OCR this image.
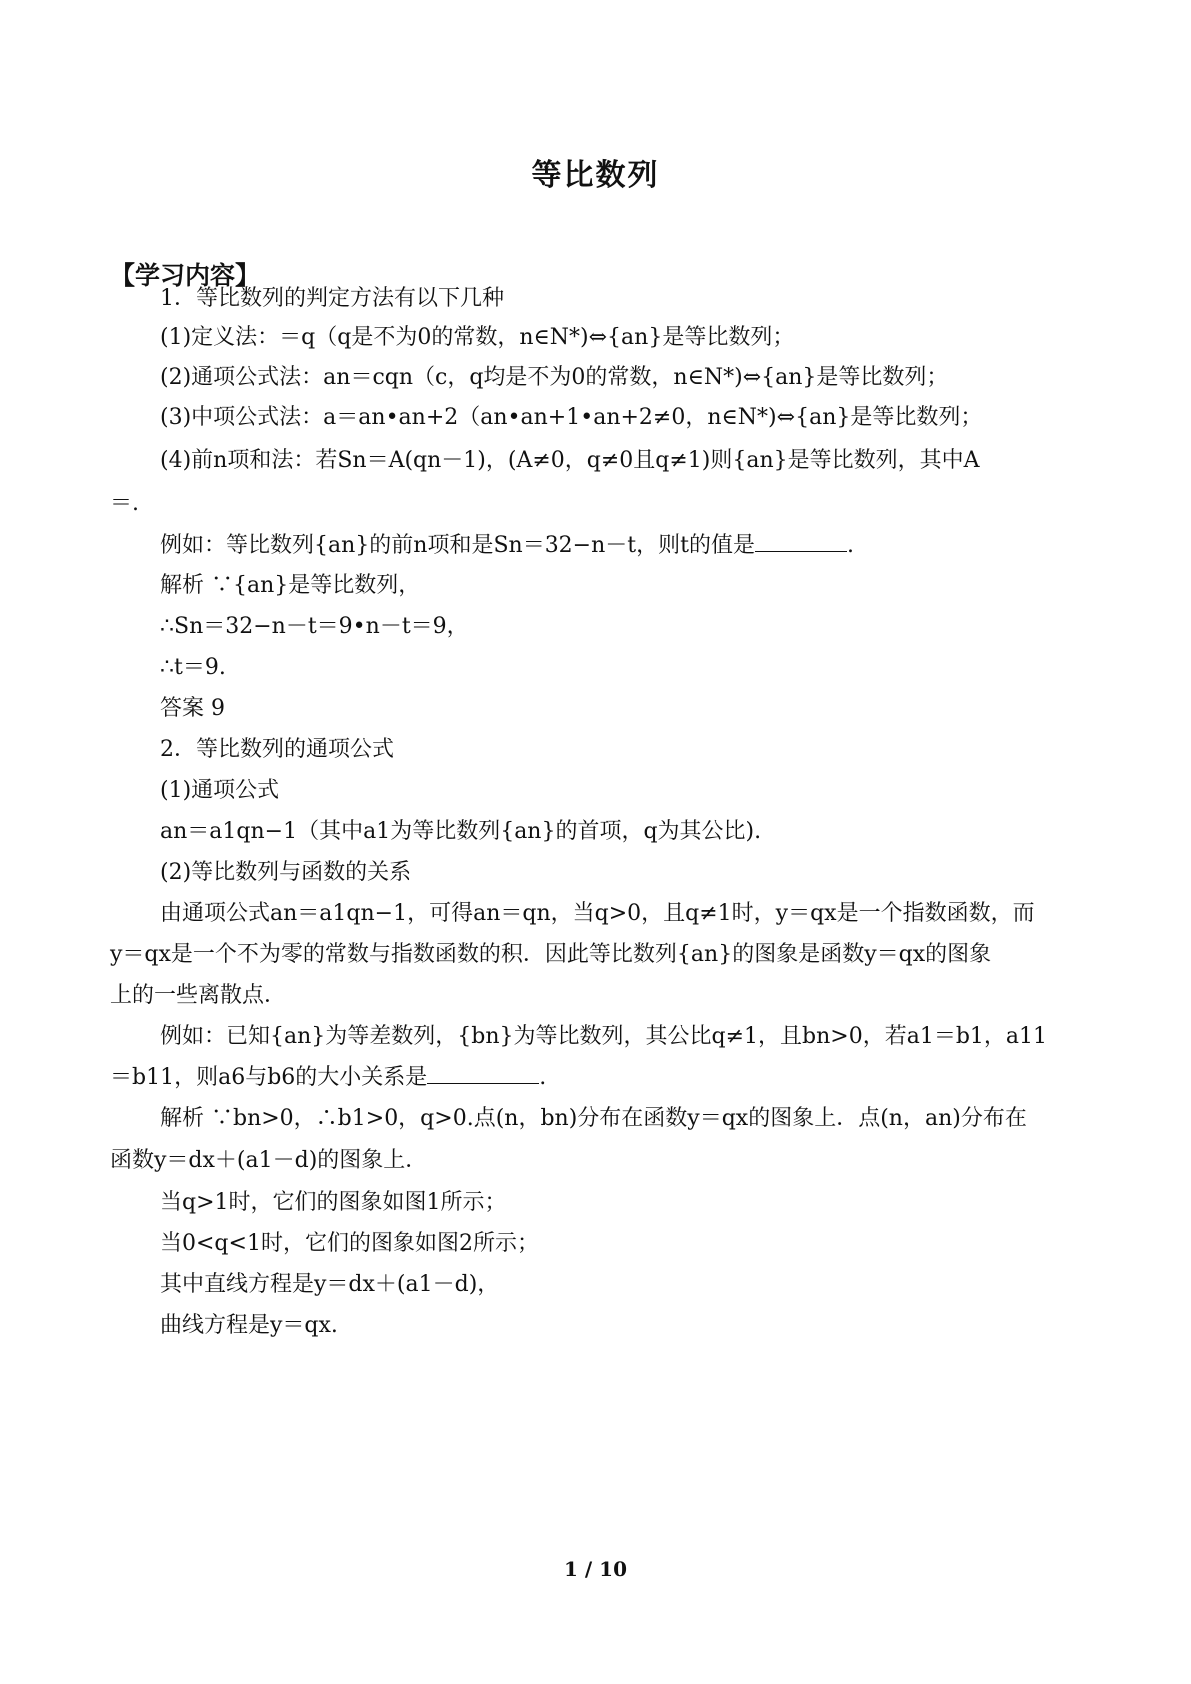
等比数列
【学习内容】
1．等比数列的判定方法有以下几种
(1)定义法：＝q（q是不为0的常数，n∈N*)⇔{an}是等比数列；
(2)通项公式法：an＝cqn（c，q均是不为0的常数，n∈N*)⇔{an}是等比数列；
(3)中项公式法：a＝an•an+2（an•an+1•an+2≠0，n∈N*)⇔{an}是等比数列；
(4)前n项和法：若Sn＝A(qn－1)，(A≠0，q≠0且q≠1)则{an}是等比数列，其中A
＝.
例如：等比数列{an}的前n项和是Sn＝32−n－t，则t的值是	.
解析 ∵{an}是等比数列，
∴Sn＝32−n－t＝9•n－t＝9，
∴t＝9.
答案 9
2．等比数列的通项公式
(1)通项公式
an＝a1qn−1（其中a1为等比数列{an}的首项，q为其公比).
(2)等比数列与函数的关系
由通项公式an＝a1qn−1，可得an＝qn，当q>0，且q≠1时，y＝qx是一个指数函数，而
y＝qx是一个不为零的常数与指数函数的积．因此等比数列{an}的图象是函数y＝qx的图象
上的一些离散点．
例如：已知{an}为等差数列，{bn}为等比数列，其公比q≠1，且bn>0，若a1＝b1，a11
＝b11，则a6与b6的大小关系是	.
解析 ∵bn>0，∴b1>0，q>0.点(n，bn)分布在函数y＝qx的图象上．点(n，an)分布在
函数y＝dx＋(a1－d)的图象上．
当q>1时，它们的图象如图1所示；
当0<q<1时，它们的图象如图2所示；
其中直线方程是y＝dx＋(a1－d)，
曲线方程是y＝qx.
1 / 10
